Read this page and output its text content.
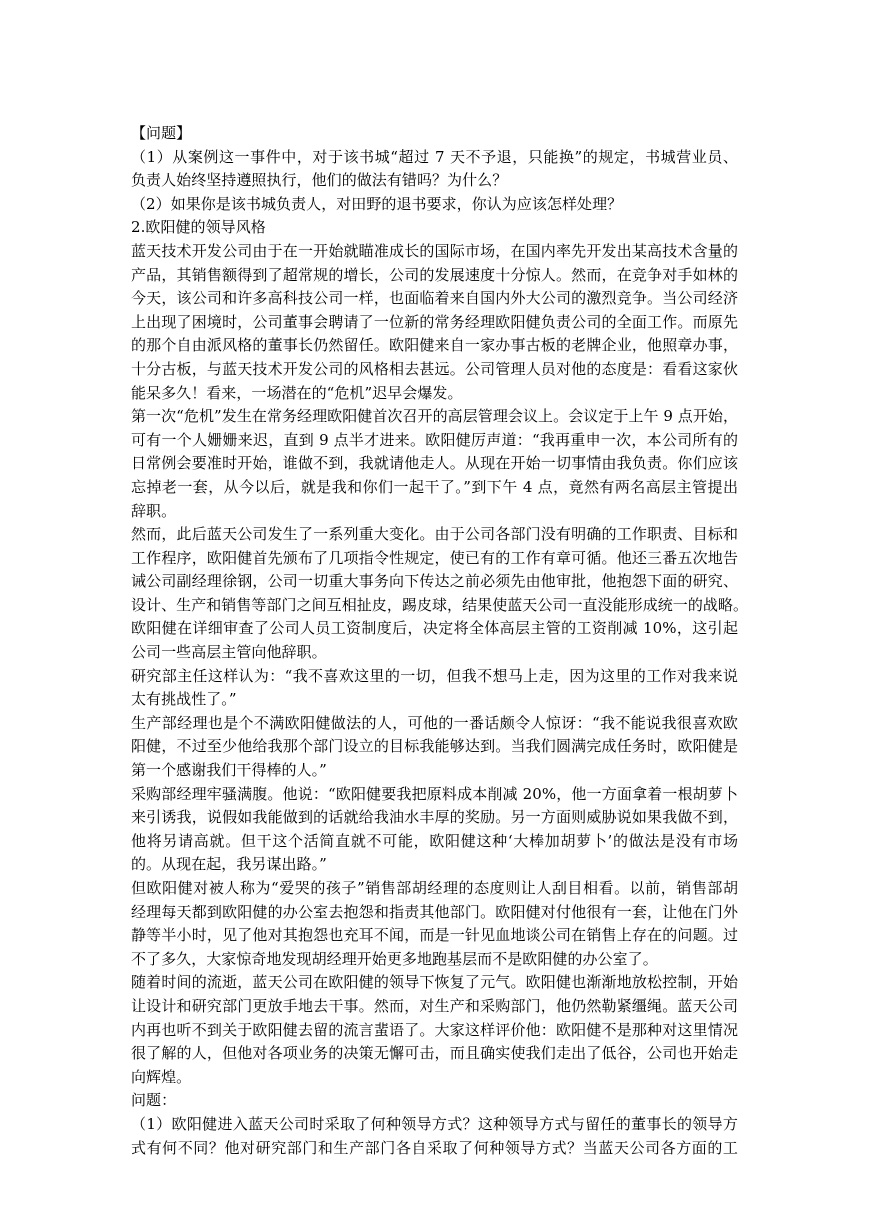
【问题】

（1）从案例这一事件中，对于该书城“超过 7 天不予退，只能换”的规定，书城营业员、

负责人始终坚持遵照执行，他们的做法有错吗？为什么？

（2）如果你是该书城负责人，对田野的退书要求，你认为应该怎样处理？

2.欧阳健的领导风格

蓝天技术开发公司由于在一开始就瞄准成长的国际市场，在国内率先开发出某高技术含量的

产品，其销售额得到了超常规的增长，公司的发展速度十分惊人。然而，在竞争对手如林的

今天，该公司和许多高科技公司一样，也面临着来自国内外大公司的激烈竞争。当公司经济

上出现了困境时，公司董事会聘请了一位新的常务经理欧阳健负责公司的全面工作。而原先

的那个自由派风格的董事长仍然留任。欧阳健来自一家办事古板的老牌企业，他照章办事，

十分古板，与蓝天技术开发公司的风格相去甚远。公司管理人员对他的态度是：看看这家伙

能呆多久！看来，一场潜在的“危机”迟早会爆发。

第一次“危机”发生在常务经理欧阳健首次召开的高层管理会议上。会议定于上午 9 点开始，

可有一个人姗姗来迟，直到 9 点半才进来。欧阳健厉声道：“我再重申一次，本公司所有的

日常例会要准时开始，谁做不到，我就请他走人。从现在开始一切事情由我负责。你们应该

忘掉老一套，从今以后，就是我和你们一起干了。”到下午 4 点，竟然有两名高层主管提出

辞职。

然而，此后蓝天公司发生了一系列重大变化。由于公司各部门没有明确的工作职责、目标和

工作程序，欧阳健首先颁布了几项指令性规定，使已有的工作有章可循。他还三番五次地告

诫公司副经理徐钢，公司一切重大事务向下传达之前必须先由他审批，他抱怨下面的研究、

设计、生产和销售等部门之间互相扯皮，踢皮球，结果使蓝天公司一直没能形成统一的战略。

欧阳健在详细审查了公司人员工资制度后，决定将全体高层主管的工资削减 10%，这引起

公司一些高层主管向他辞职。

研究部主任这样认为：“我不喜欢这里的一切，但我不想马上走，因为这里的工作对我来说

太有挑战性了。”

生产部经理也是个不满欧阳健做法的人，可他的一番话颇令人惊讶：“我不能说我很喜欢欧

阳健，不过至少他给我那个部门设立的目标我能够达到。当我们圆满完成任务时，欧阳健是

第一个感谢我们干得棒的人。”

采购部经理牢骚满腹。他说：“欧阳健要我把原料成本削减 20%，他一方面拿着一根胡萝卜

来引诱我，说假如我能做到的话就给我油水丰厚的奖励。另一方面则威胁说如果我做不到，

他将另请高就。但干这个活简直就不可能，欧阳健这种‘大棒加胡萝卜’的做法是没有市场

的。从现在起，我另谋出路。”

但欧阳健对被人称为“爱哭的孩子”销售部胡经理的态度则让人刮目相看。以前，销售部胡

经理每天都到欧阳健的办公室去抱怨和指责其他部门。欧阳健对付他很有一套，让他在门外

静等半小时，见了他对其抱怨也充耳不闻，而是一针见血地谈公司在销售上存在的问题。过

不了多久，大家惊奇地发现胡经理开始更多地跑基层而不是欧阳健的办公室了。

随着时间的流逝，蓝天公司在欧阳健的领导下恢复了元气。欧阳健也渐渐地放松控制，开始

让设计和研究部门更放手地去干事。然而，对生产和采购部门，他仍然勒紧缰绳。蓝天公司

内再也听不到关于欧阳健去留的流言蜚语了。大家这样评价他：欧阳健不是那种对这里情况

很了解的人，但他对各项业务的决策无懈可击，而且确实使我们走出了低谷，公司也开始走

向辉煌。

问题：

（1）欧阳健进入蓝天公司时采取了何种领导方式？这种领导方式与留任的董事长的领导方

式有何不同？他对研究部门和生产部门各自采取了何种领导方式？当蓝天公司各方面的工
